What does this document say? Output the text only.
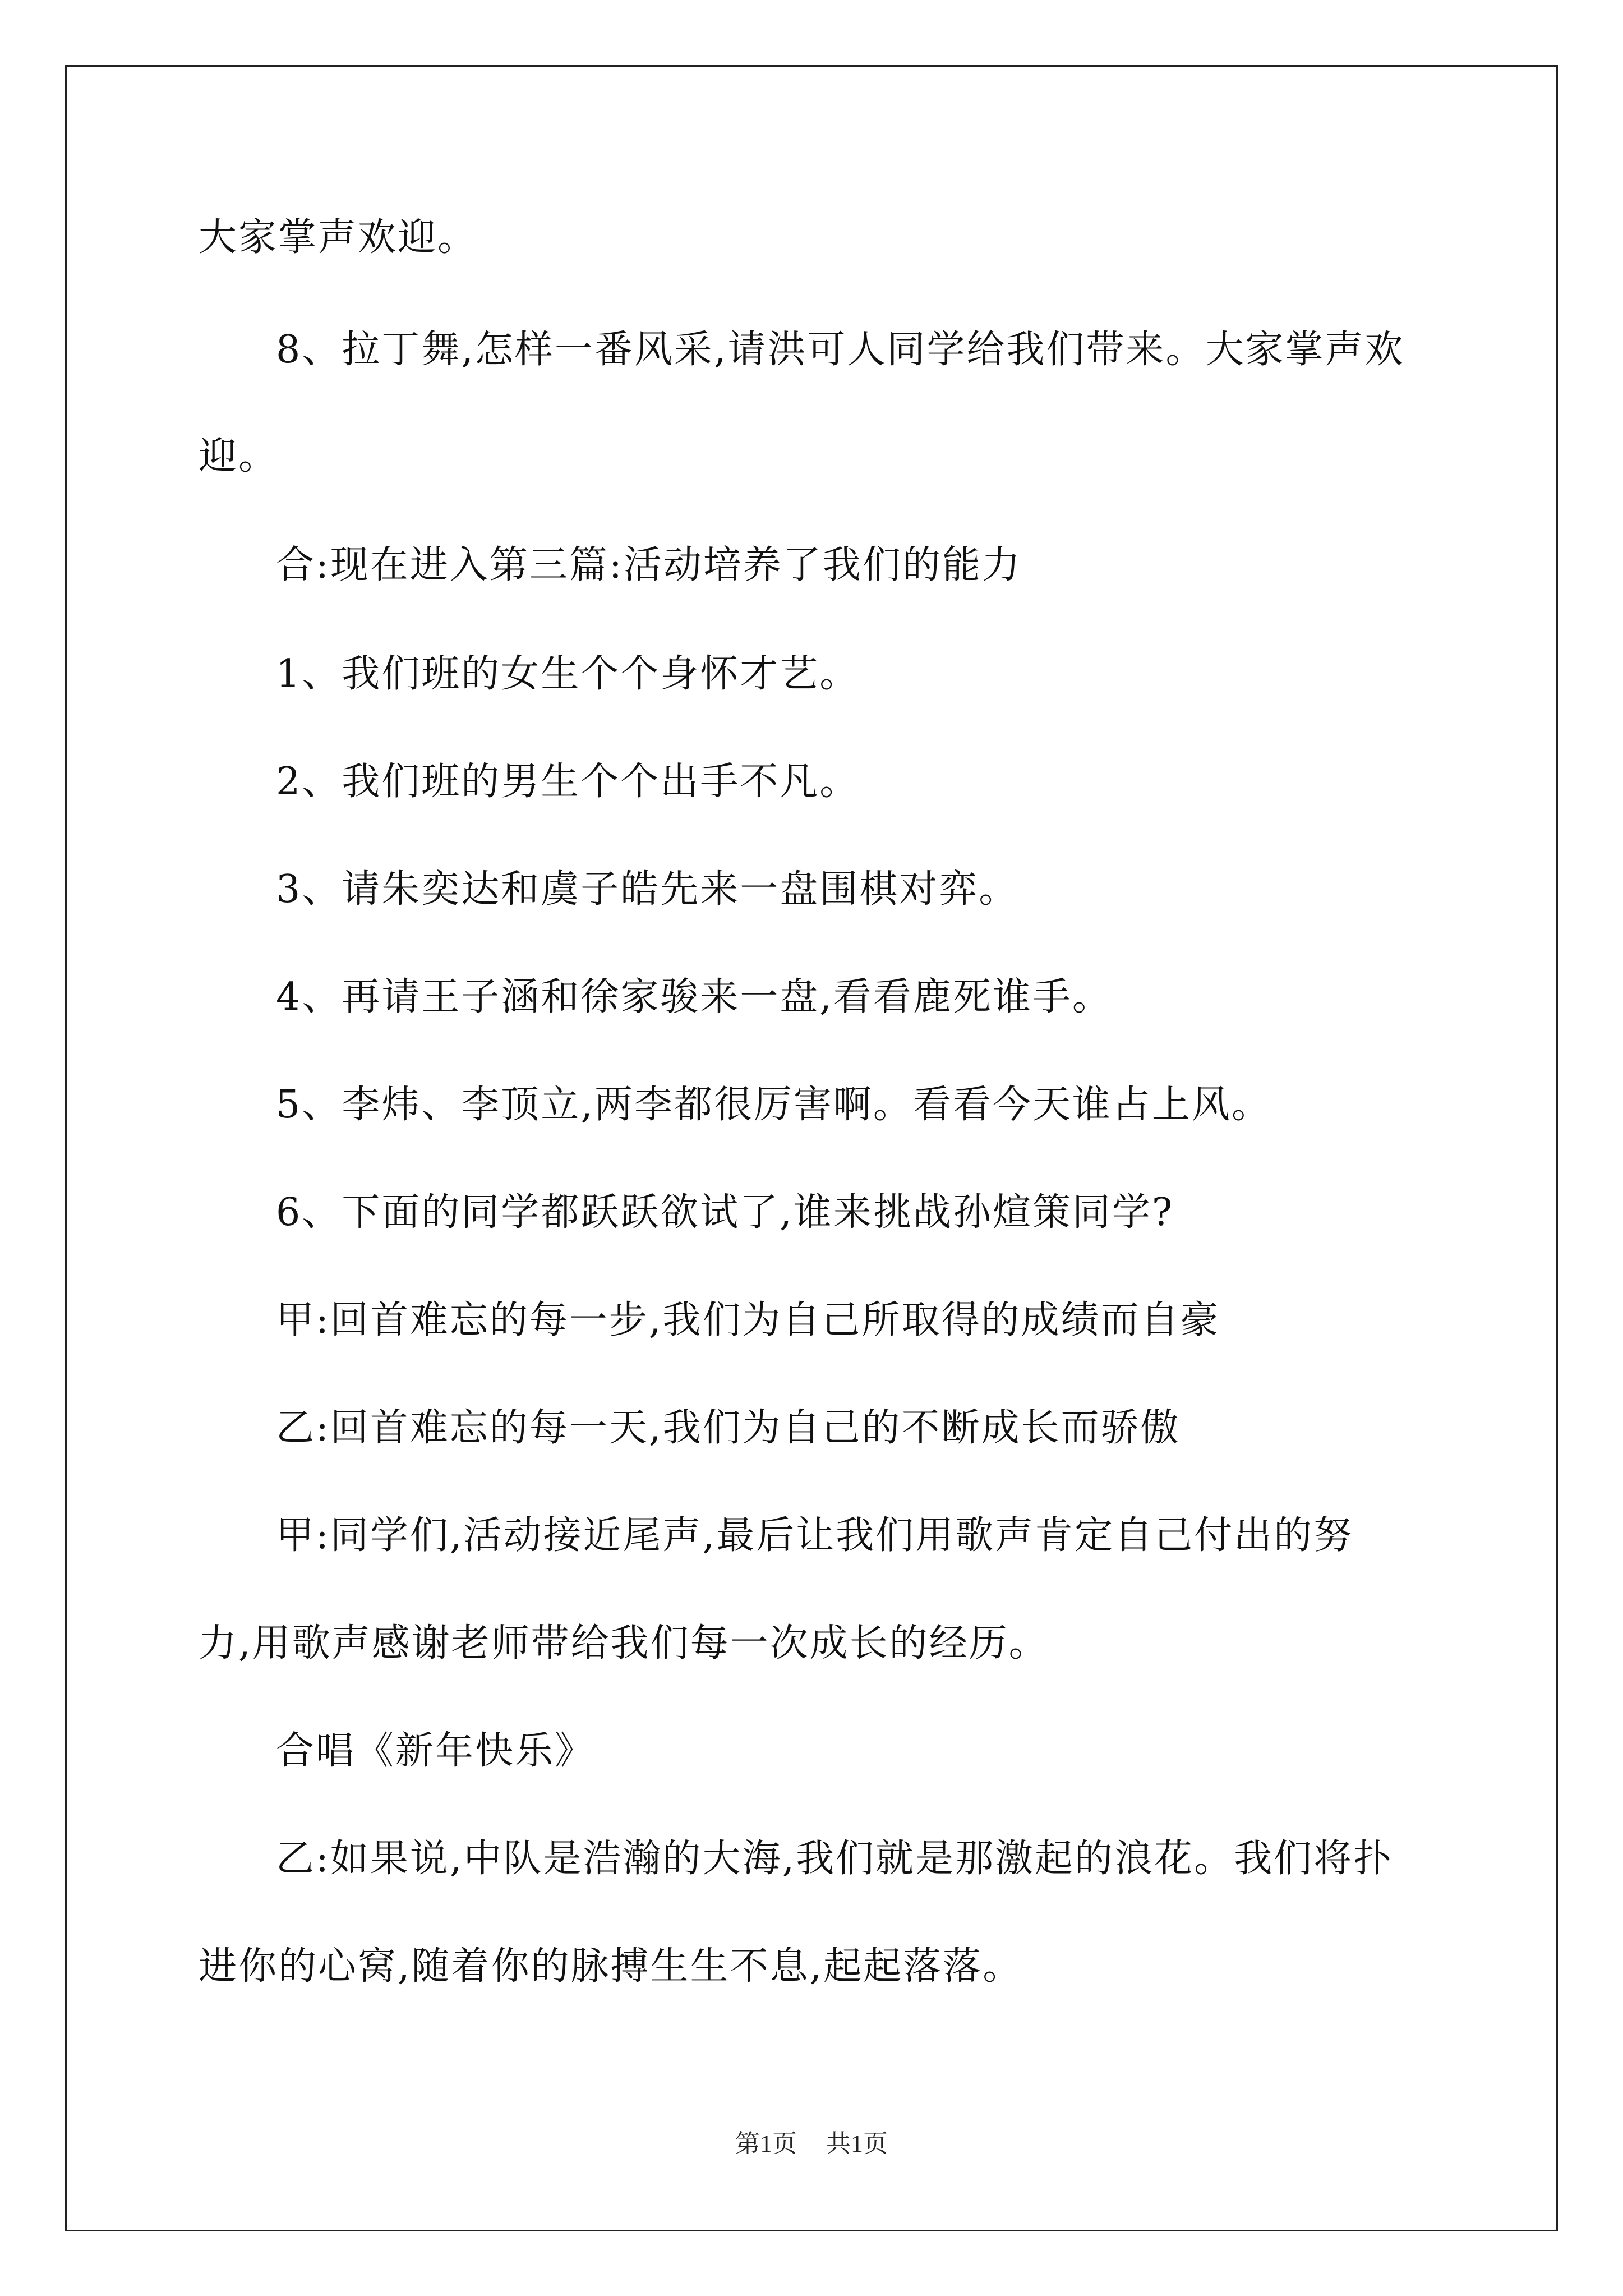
大家掌声欢迎。
8、拉丁舞,怎样一番风采,请洪可人同学给我们带来。大家掌声欢
迎。
合:现在进入第三篇:活动培养了我们的能力
1、我们班的女生个个身怀才艺。
2、我们班的男生个个出手不凡。
3、请朱奕达和虞子皓先来一盘围棋对弈。
4、再请王子涵和徐家骏来一盘,看看鹿死谁手。
5、李炜、李顶立,两李都很厉害啊。看看今天谁占上风。
6、下面的同学都跃跃欲试了,谁来挑战孙煊策同学?
甲:回首难忘的每一步,我们为自己所取得的成绩而自豪
乙:回首难忘的每一天,我们为自己的不断成长而骄傲
甲:同学们,活动接近尾声,最后让我们用歌声肯定自己付出的努
力,用歌声感谢老师带给我们每一次成长的经历。
合唱《新年快乐》
乙:如果说,中队是浩瀚的大海,我们就是那激起的浪花。我们将扑
进你的心窝,随着你的脉搏生生不息,起起落落。
第1页 共1页
